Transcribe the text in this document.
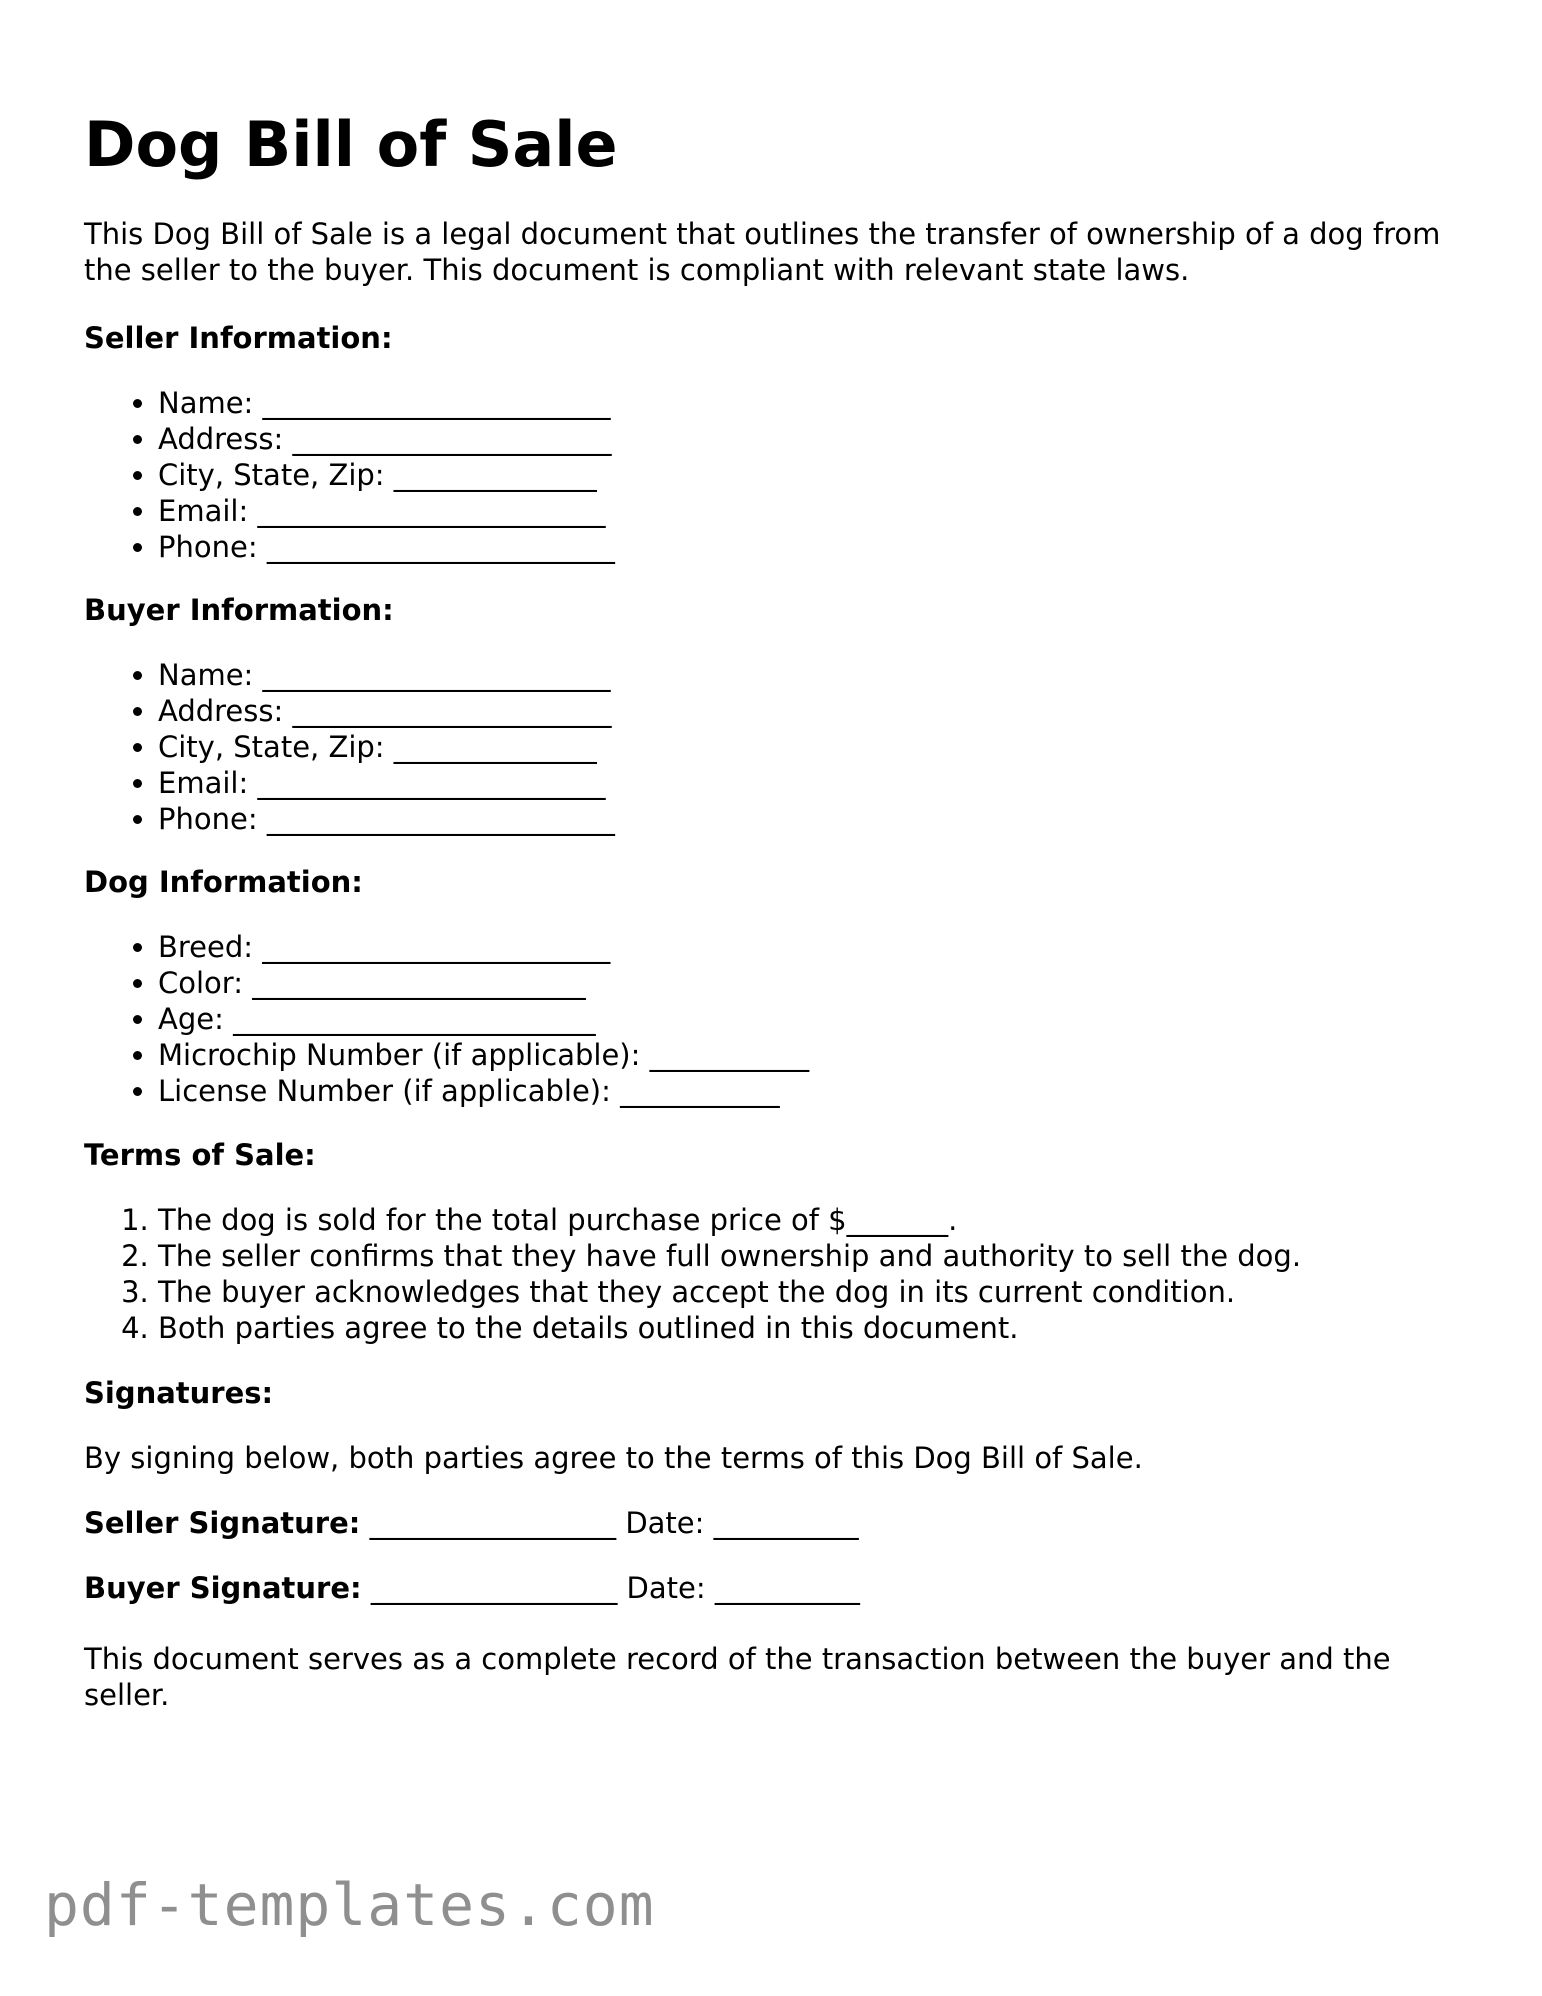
Dog Bill of Sale

This Dog Bill of Sale is a legal document that outlines the transfer of ownership of a dog from the seller to the buyer. This document is compliant with relevant state laws.

Seller Information:

• Name: ________________________
• Address: ______________________
• City, State, Zip: ______________
• Email: ________________________
• Phone: ________________________

Buyer Information:

• Name: ________________________
• Address: ______________________
• City, State, Zip: ______________
• Email: ________________________
• Phone: ________________________

Dog Information:

• Breed: ________________________
• Color: _______________________
• Age: _________________________
• Microchip Number (if applicable): ___________
• License Number (if applicable): ___________

Terms of Sale:

1. The dog is sold for the total purchase price of $_______.
2. The seller confirms that they have full ownership and authority to sell the dog.
3. The buyer acknowledges that they accept the dog in its current condition.
4. Both parties agree to the details outlined in this document.

Signatures:

By signing below, both parties agree to the terms of this Dog Bill of Sale.

Seller Signature: _________________ Date: __________

Buyer Signature: _________________ Date: __________

This document serves as a complete record of the transaction between the buyer and the seller.

pdf-templates.com
